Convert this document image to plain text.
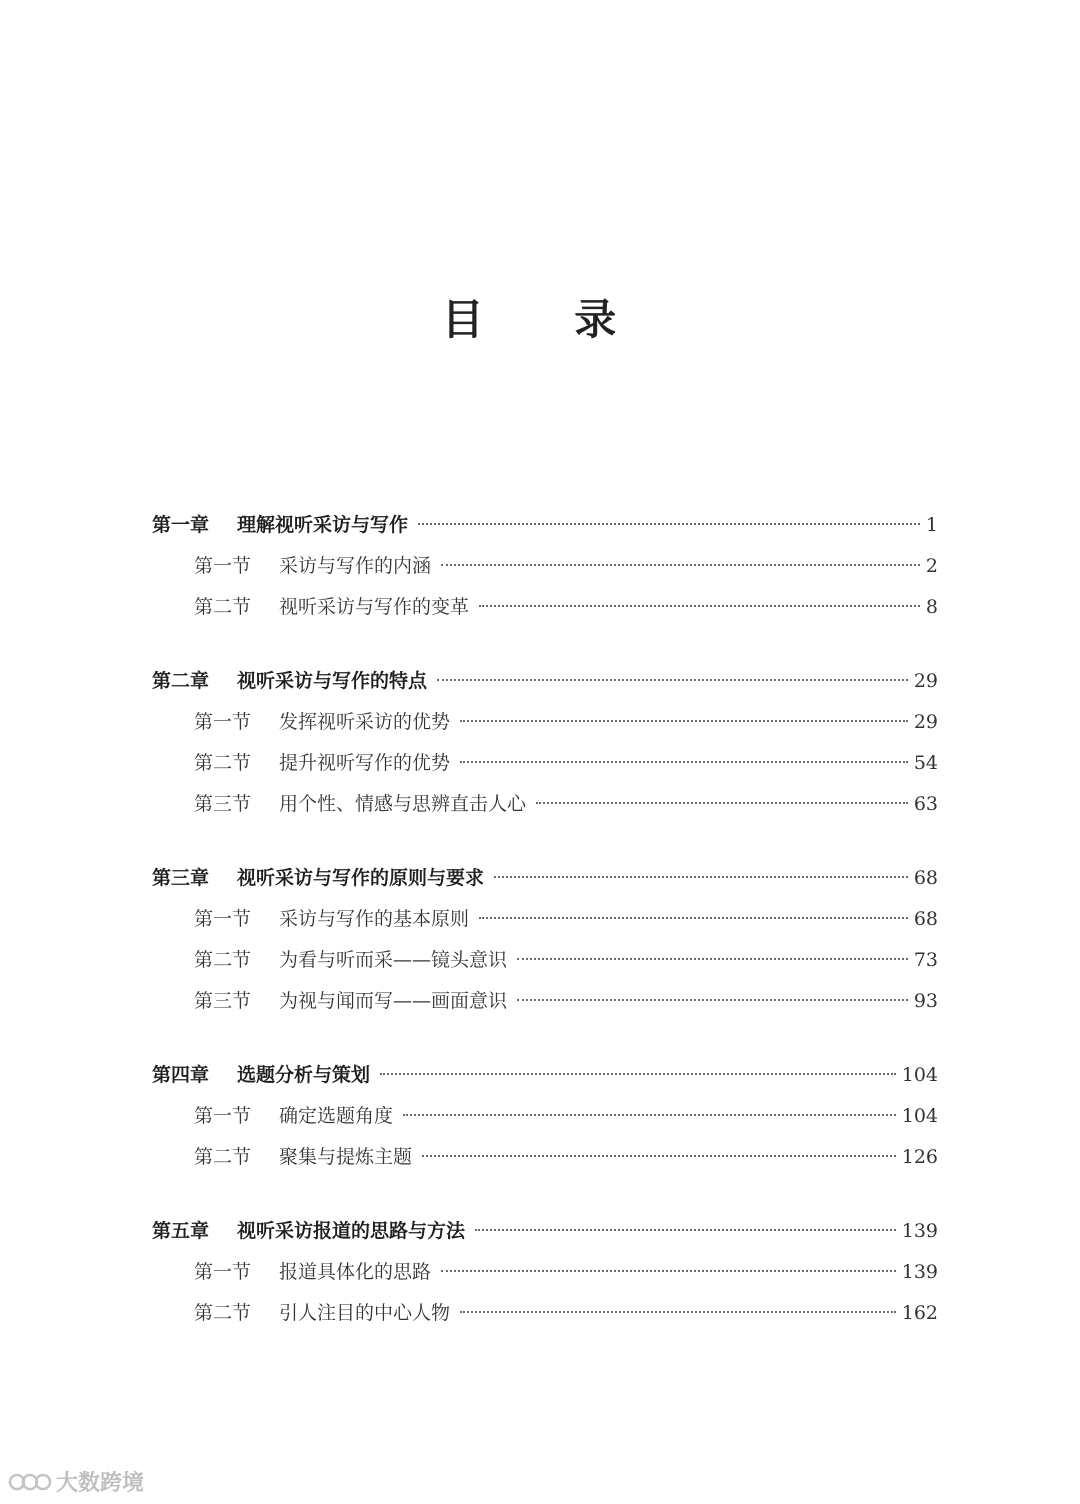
目 录
第一章	理解视听采访与写作	1
第一节	采访与写作的内涵	2
第二节	视听采访与写作的变革	8
第二章	视听采访与写作的特点	29
第一节	发挥视听采访的优势	29
第二节	提升视听写作的优势	54
第三节	用个性、情感与思辨直击人心	63
第三章	视听采访与写作的原则与要求	68
第一节	采访与写作的基本原则	68
第二节	为看与听而采——镜头意识	73
第三节	为视与闻而写——画面意识	93
第四章	选题分析与策划	104
第一节	确定选题角度	104
第二节	聚集与提炼主题	126
第五章	视听采访报道的思路与方法	139
第一节	报道具体化的思路	139
第二节	引人注目的中心人物	162
大数跨境
